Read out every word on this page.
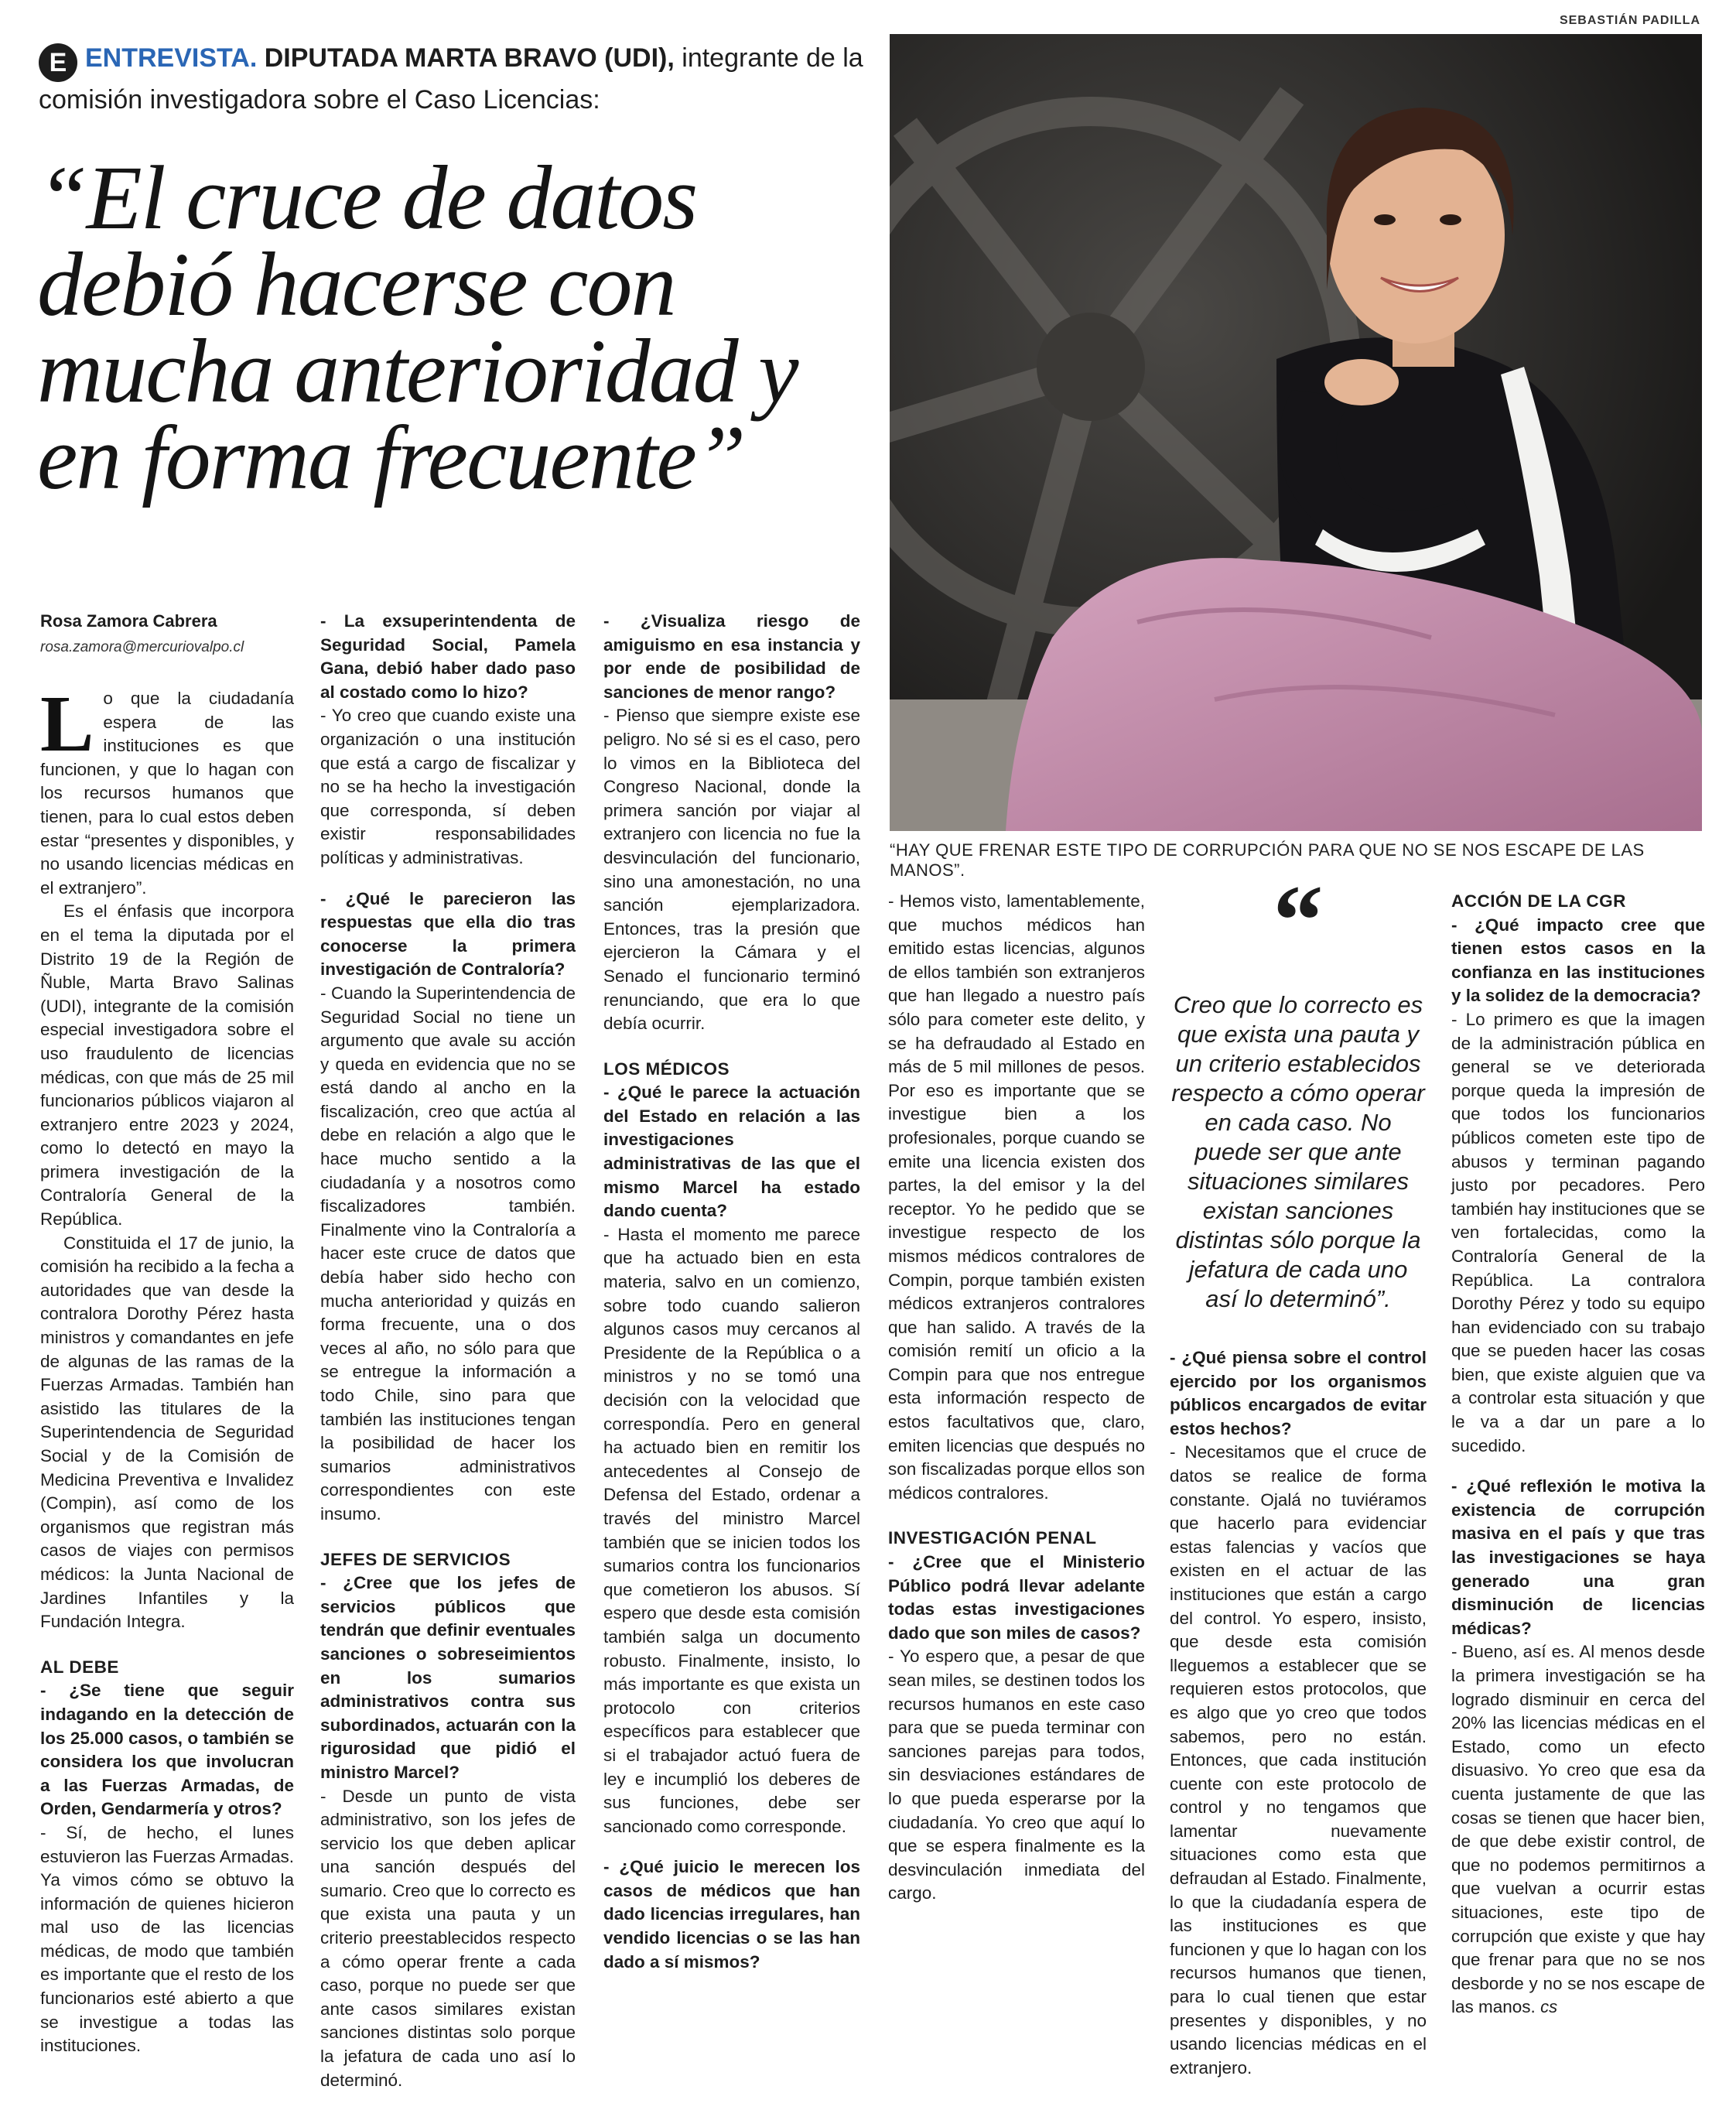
E ENTREVISTA. DIPUTADA MARTA BRAVO (UDI), integrante de la comisión investigadora sobre el Caso Licencias:
“El cruce de datos debió hacerse con mucha anterioridad y en forma frecuente”
SEBASTIÁN PADILLA
“HAY QUE FRENAR ESTE TIPO DE CORRUPCIÓN PARA QUE NO SE NOS ESCAPE DE LAS MANOS”.
Rosa Zamora Cabrera
rosa.zamora@mercuriovalpo.cl

Lo que la ciudadanía espera de las instituciones es que funcionen, y que lo hagan con los recursos humanos que tienen, para lo cual estos deben estar “presentes y disponibles, y no usando licencias médicas en el extranjero”.

Es el énfasis que incorpora en el tema la diputada por el Distrito 19 de la Región de Ñuble, Marta Bravo Salinas (UDI), integrante de la comisión especial investigadora sobre el uso fraudulento de licencias médicas, con que más de 25 mil funcionarios públicos viajaron al extranjero entre 2023 y 2024, como lo detectó en mayo la primera investigación de la Contraloría General de la República.

Constituida el 17 de junio, la comisión ha recibido a la fecha a autoridades que van desde la contralora Dorothy Pérez hasta ministros y comandantes en jefe de algunas de las ramas de la Fuerzas Armadas. También han asistido las titulares de la Superintendencia de Seguridad Social y de la Comisión de Medicina Preventiva e Invalidez (Compin), así como de los organismos que registran más casos de viajes con permisos médicos: la Junta Nacional de Jardines Infantiles y la Fundación Integra.

AL DEBE

- ¿Se tiene que seguir indagando en la detección de los 25.000 casos, o también se considera los que involucran a las Fuerzas Armadas, de Orden, Gendarmería y otros?

- Sí, de hecho, el lunes estuvieron las Fuerzas Armadas. Ya vimos cómo se obtuvo la información de quienes hicieron mal uso de las licencias médicas, de modo que también es importante que el resto de los funcionarios esté abierto a que se investigue a todas las instituciones.

- La exsuperintendenta de Seguridad Social, Pamela Gana, debió haber dado paso al costado como lo hizo?

- Yo creo que cuando existe una organización o una institución que está a cargo de fiscalizar y no se ha hecho la investigación que corresponda, sí deben existir responsabilidades políticas y administrativas.

- ¿Qué le parecieron las respuestas que ella dio tras conocerse la primera investigación de Contraloría?

- Cuando la Superintendencia de Seguridad Social no tiene un argumento que avale su acción y queda en evidencia que no se está dando al ancho en la fiscalización, creo que actúa al debe en relación a algo que le hace mucho sentido a la ciudadanía y a nosotros como fiscalizadores también. Finalmente vino la Contraloría a hacer este cruce de datos que debía haber sido hecho con mucha anterioridad y quizás en forma frecuente, una o dos veces al año, no sólo para que se entregue la información a todo Chile, sino para que también las instituciones tengan la posibilidad de hacer los sumarios administrativos correspondientes con este insumo.

JEFES DE SERVICIOS

- ¿Cree que los jefes de servicios públicos que tendrán que definir eventuales sanciones o sobreseimientos en los sumarios administrativos contra sus subordinados, actuarán con la rigurosidad que pidió el ministro Marcel?

- Desde un punto de vista administrativo, son los jefes de servicio los que deben aplicar una sanción después del sumario. Creo que lo correcto es que exista una pauta y un criterio preestablecidos respecto a cómo operar frente a cada caso, porque no puede ser que ante casos similares existan sanciones distintas solo porque la jefatura de cada uno así lo determinó.

- ¿Visualiza riesgo de amiguismo en esa instancia y por ende de posibilidad de sanciones de menor rango?

- Pienso que siempre existe ese peligro. No sé si es el caso, pero lo vimos en la Biblioteca del Congreso Nacional, donde la primera sanción por viajar al extranjero con licencia no fue la desvinculación del funcionario, sino una amonestación, no una sanción ejemplarizadora. Entonces, tras la presión que ejercieron la Cámara y el Senado el funcionario terminó renunciando, que era lo que debía ocurrir.

LOS MÉDICOS

- ¿Qué le parece la actuación del Estado en relación a las investigaciones administrativas de las que el mismo Marcel ha estado dando cuenta?

- Hasta el momento me parece que ha actuado bien en esta materia, salvo en un comienzo, sobre todo cuando salieron algunos casos muy cercanos al Presidente de la República o a ministros y no se tomó una decisión con la velocidad que correspondía. Pero en general ha actuado bien en remitir los antecedentes al Consejo de Defensa del Estado, ordenar a través del ministro Marcel también que se inicien todos los sumarios contra los funcionarios que cometieron los abusos. Sí espero que desde esta comisión también salga un documento robusto. Finalmente, insisto, lo más importante es que exista un protocolo con criterios específicos para establecer que si el trabajador actuó fuera de ley e incumplió los deberes de sus funciones, debe ser sancionado como corresponde.

- ¿Qué juicio le merecen los casos de médicos que han dado licencias irregulares, han vendido licencias o se las han dado a sí mismos?

- Hemos visto, lamentablemente, que muchos médicos han emitido estas licencias, algunos de ellos también son extranjeros que han llegado a nuestro país sólo para cometer este delito, y se ha defraudado al Estado en más de 5 mil millones de pesos. Por eso es importante que se investigue bien a los profesionales, porque cuando se emite una licencia existen dos partes, la del emisor y la del receptor. Yo he pedido que se investigue respecto de los mismos médicos contralores de Compin, porque también existen médicos extranjeros contralores que han salido. A través de la comisión remití un oficio a la Compin para que nos entregue esta información respecto de estos facultativos que, claro, emiten licencias que después no son fiscalizadas porque ellos son médicos contralores.

INVESTIGACIÓN PENAL

- ¿Cree que el Ministerio Público podrá llevar adelante todas estas investigaciones dado que son miles de casos?

- Yo espero que, a pesar de que sean miles, se destinen todos los recursos humanos en este caso para que se pueda terminar con sanciones parejas para todos, sin desviaciones estándares de lo que pueda esperarse por la ciudadanía. Yo creo que aquí lo que se espera finalmente es la desvinculación inmediata del cargo.

“
Creo que lo correcto es que exista una pauta y un criterio establecidos respecto a cómo operar en cada caso. No puede ser que ante situaciones similares existan sanciones distintas sólo porque la jefatura de cada uno así lo determinó”.

- ¿Qué piensa sobre el control ejercido por los organismos públicos encargados de evitar estos hechos?

- Necesitamos que el cruce de datos se realice de forma constante. Ojalá no tuviéramos que hacerlo para evidenciar estas falencias y vacíos que existen en el actuar de las instituciones que están a cargo del control. Yo espero, insisto, que desde esta comisión lleguemos a establecer que se requieren estos protocolos, que es algo que yo creo que todos sabemos, pero no están. Entonces, que cada institución cuente con este protocolo de control y no tengamos que lamentar nuevamente situaciones como esta que defraudan al Estado. Finalmente, lo que la ciudadanía espera de las instituciones es que funcionen y que lo hagan con los recursos humanos que tienen, para lo cual tienen que estar presentes y disponibles, y no usando licencias médicas en el extranjero.

ACCIÓN DE LA CGR

- ¿Qué impacto cree que tienen estos casos en la confianza en las instituciones y la solidez de la democracia?

- Lo primero es que la imagen de la administración pública en general se ve deteriorada porque queda la impresión de que todos los funcionarios públicos cometen este tipo de abusos y terminan pagando justo por pecadores. Pero también hay instituciones que se ven fortalecidas, como la Contraloría General de la República. La contralora Dorothy Pérez y todo su equipo han evidenciado con su trabajo que se pueden hacer las cosas bien, que existe alguien que va a controlar esta situación y que le va a dar un pare a lo sucedido.

- ¿Qué reflexión le motiva la existencia de corrupción masiva en el país y que tras las investigaciones se haya generado una gran disminución de licencias médicas?

- Bueno, así es. Al menos desde la primera investigación se ha logrado disminuir en cerca del 20% las licencias médicas en el Estado, como un efecto disuasivo. Yo creo que esa da cuenta justamente de que las cosas se tienen que hacer bien, de que debe existir control, de que no podemos permitirnos a que vuelvan a ocurrir estas situaciones, este tipo de corrupción que existe y que hay que frenar para que no se nos desborde y no se nos escape de las manos. cs
